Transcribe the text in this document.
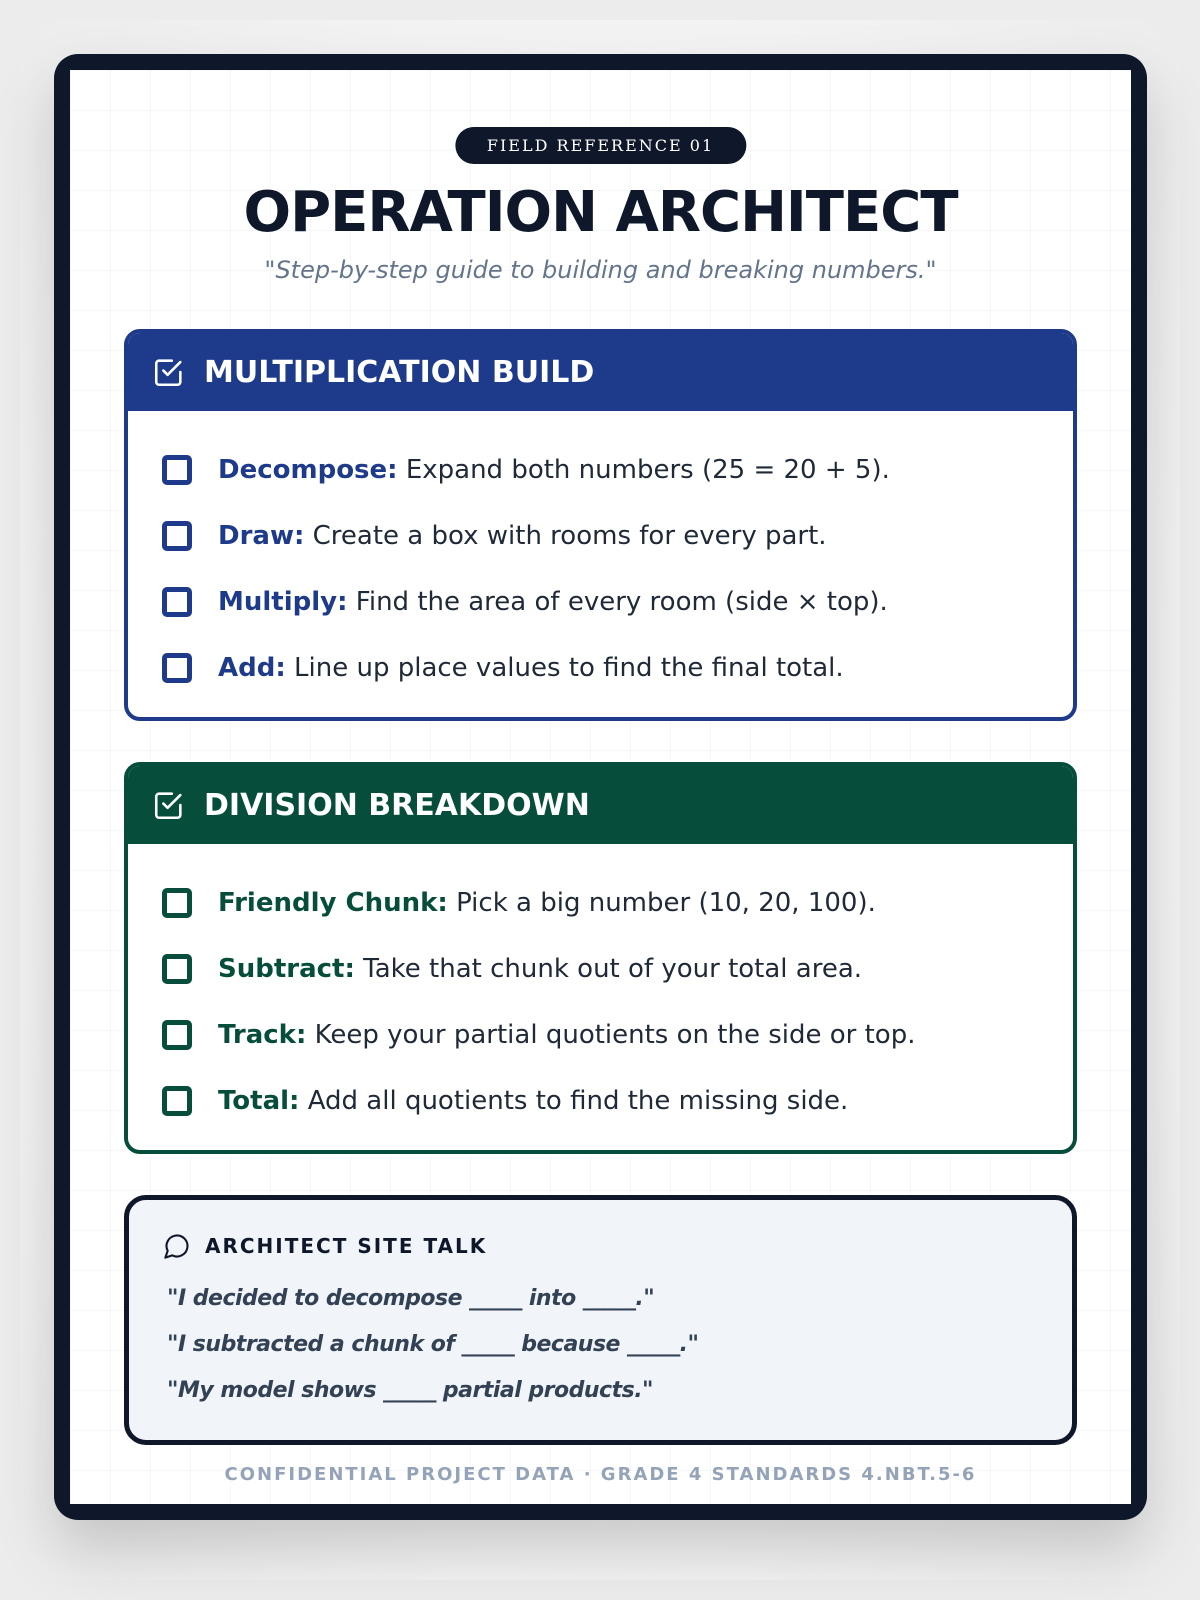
FIELD REFERENCE 01
OPERATION ARCHITECT
"Step-by-step guide to building and breaking numbers."
MULTIPLICATION BUILD
Decompose: Expand both numbers (25 = 20 + 5).
Draw: Create a box with rooms for every part.
Multiply: Find the area of every room (side × top).
Add: Line up place values to find the final total.
DIVISION BREAKDOWN
Friendly Chunk: Pick a big number (10, 20, 100).
Subtract: Take that chunk out of your total area.
Track: Keep your partial quotients on the side or top.
Total: Add all quotients to find the missing side.
ARCHITECT SITE TALK
"I decided to decompose _____ into _____."
"I subtracted a chunk of _____ because _____."
"My model shows _____ partial products."
CONFIDENTIAL PROJECT DATA · GRADE 4 STANDARDS 4.NBT.5-6
